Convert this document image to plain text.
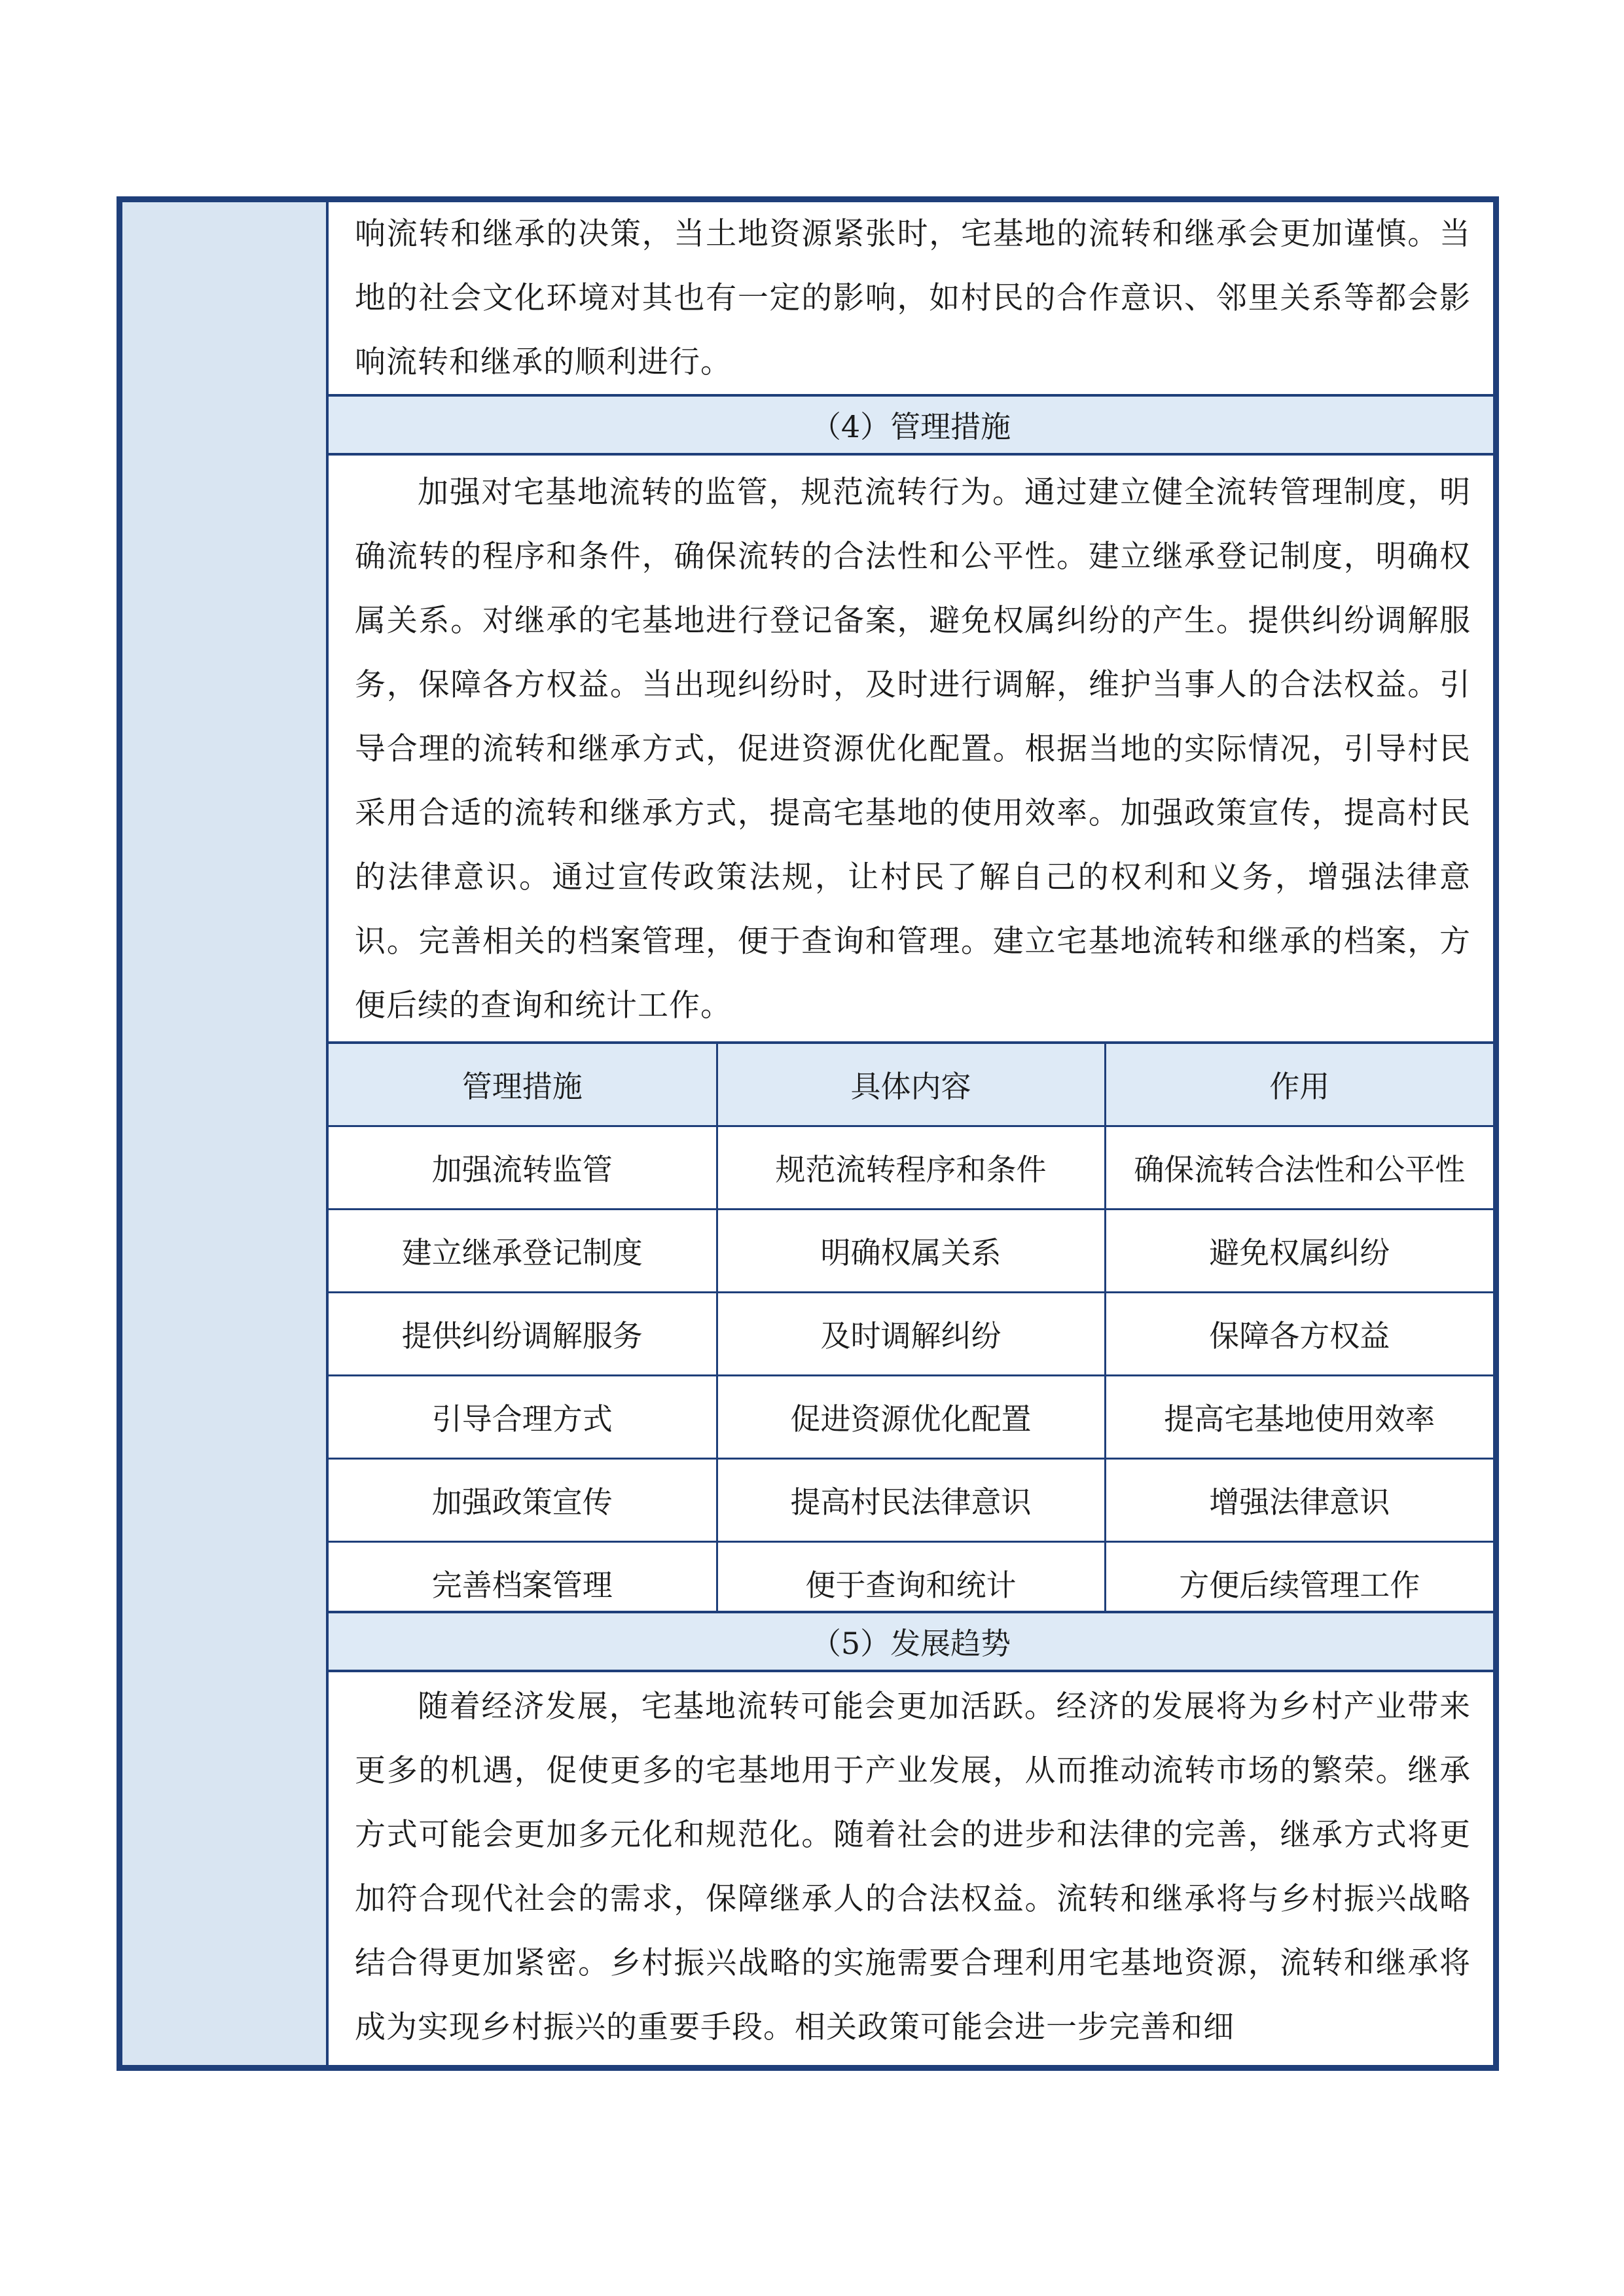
响流转和继承的决策，当土地资源紧张时，宅基地的流转和继承会更加谨慎。当地的社会文化环境对其也有一定的影响，如村民的合作意识、邻里关系等都会影响流转和继承的顺利进行。
（4）管理措施
加强对宅基地流转的监管，规范流转行为。通过建立健全流转管理制度，明确流转的程序和条件，确保流转的合法性和公平性。建立继承登记制度，明确权属关系。对继承的宅基地进行登记备案，避免权属纠纷的产生。提供纠纷调解服务，保障各方权益。当出现纠纷时，及时进行调解，维护当事人的合法权益。引导合理的流转和继承方式，促进资源优化配置。根据当地的实际情况，引导村民采用合适的流转和继承方式，提高宅基地的使用效率。加强政策宣传，提高村民的法律意识。通过宣传政策法规，让村民了解自己的权利和义务，增强法律意识。完善相关的档案管理，便于查询和管理。建立宅基地流转和继承的档案，方便后续的查询和统计工作。
管理措施	具体内容	作用
加强流转监管	规范流转程序和条件	确保流转合法性和公平性
建立继承登记制度	明确权属关系	避免权属纠纷
提供纠纷调解服务	及时调解纠纷	保障各方权益
引导合理方式	促进资源优化配置	提高宅基地使用效率
加强政策宣传	提高村民法律意识	增强法律意识
完善档案管理	便于查询和统计	方便后续管理工作
（5）发展趋势
随着经济发展，宅基地流转可能会更加活跃。经济的发展将为乡村产业带来更多的机遇，促使更多的宅基地用于产业发展，从而推动流转市场的繁荣。继承方式可能会更加多元化和规范化。随着社会的进步和法律的完善，继承方式将更加符合现代社会的需求，保障继承人的合法权益。流转和继承将与乡村振兴战略结合得更加紧密。乡村振兴战略的实施需要合理利用宅基地资源，流转和继承将成为实现乡村振兴的重要手段。相关政策可能会进一步完善和细
